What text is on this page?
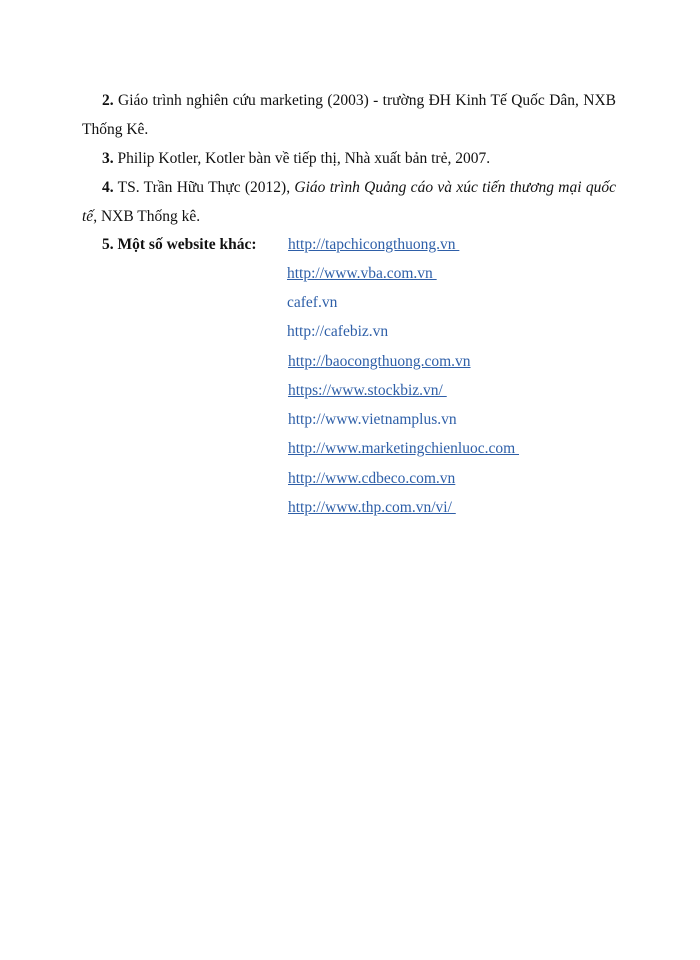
2. Giáo trình nghiên cứu marketing (2003) - trường ĐH Kinh Tế Quốc Dân, NXB Thống Kê.

3. Philip Kotler, Kotler bàn về tiếp thị, Nhà xuất bản trẻ, 2007.

4. TS. Trần Hữu Thực (2012), Giáo trình Quảng cáo và xúc tiến thương mại quốc tế, NXB Thống kê.

5. Một số website khác: http://tapchicongthuong.vn
http://www.vba.com.vn
cafef.vn
http://cafebiz.vn
http://baocongthuong.com.vn
https://www.stockbiz.vn/
http://www.vietnamplus.vn
http://www.marketingchienluoc.com
http://www.cdbeco.com.vn
http://www.thp.com.vn/vi/
